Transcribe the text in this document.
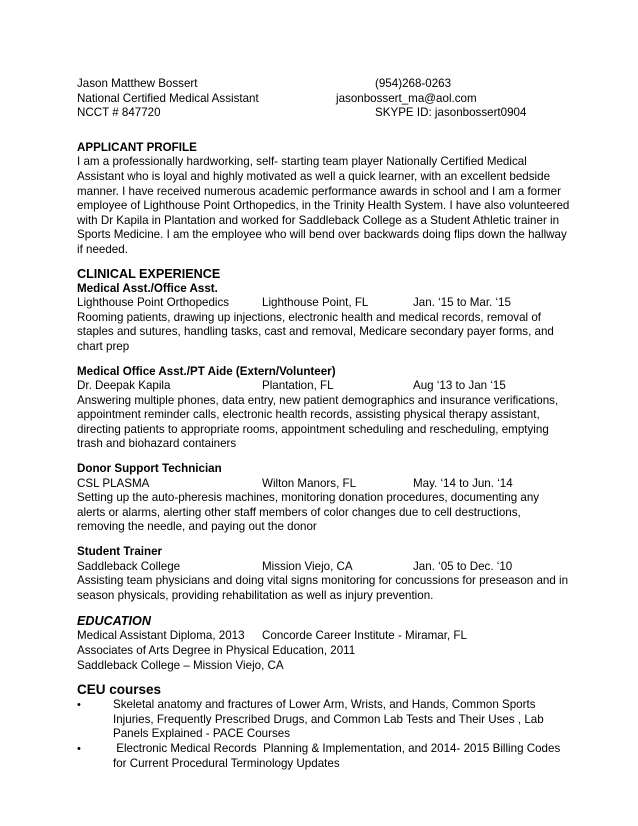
Jason Matthew Bossert	(954)268-0263
National Certified Medical Assistant	jasonbossert_ma@aol.com
NCCT # 847720	SKYPE ID: jasonbossert0904
APPLICANT PROFILE
I am a professionally hardworking, self- starting team player Nationally Certified Medical
Assistant who is loyal and highly motivated as well a quick learner, with an excellent bedside
manner. I have received numerous academic performance awards in school and I am a former
employee of Lighthouse Point Orthopedics, in the Trinity Health System. I have also volunteered
with Dr Kapila in Plantation and worked for Saddleback College as a Student Athletic trainer in
Sports Medicine. I am the employee who will bend over backwards doing flips down the hallway
if needed.
CLINICAL EXPERIENCE
Medical Asst./Office Asst.
Lighthouse Point Orthopedics	Lighthouse Point, FL	Jan. ‘15 to Mar. ‘15
Rooming patients, drawing up injections, electronic health and medical records, removal of
staples and sutures, handling tasks, cast and removal, Medicare secondary payer forms, and
chart prep
Medical Office Asst./PT Aide (Extern/Volunteer)
Dr. Deepak Kapila	Plantation, FL	Aug ‘13 to Jan ‘15
Answering multiple phones, data entry, new patient demographics and insurance verifications,
appointment reminder calls, electronic health records, assisting physical therapy assistant,
directing patients to appropriate rooms, appointment scheduling and rescheduling, emptying
trash and biohazard containers
Donor Support Technician
CSL PLASMA	Wilton Manors, FL	May. ‘14 to Jun. ‘14
Setting up the auto-pheresis machines, monitoring donation procedures, documenting any
alerts or alarms, alerting other staff members of color changes due to cell destructions,
removing the needle, and paying out the donor
Student Trainer
Saddleback College	Mission Viejo, CA	Jan. ‘05 to Dec. ‘10
Assisting team physicians and doing vital signs monitoring for concussions for preseason and in
season physicals, providing rehabilitation as well as injury prevention.
EDUCATION
Medical Assistant Diploma, 2013 Concorde Career Institute - Miramar, FL
Associates of Arts Degree in Physical Education, 2011
Saddleback College – Mission Viejo, CA
CEU courses
•	Skeletal anatomy and fractures of Lower Arm, Wrists, and Hands, Common Sports
Injuries, Frequently Prescribed Drugs, and Common Lab Tests and Their Uses , Lab
Panels Explained - PACE Courses
•	Electronic Medical Records  Planning & Implementation, and 2014- 2015 Billing Codes
for Current Procedural Terminology Updates
